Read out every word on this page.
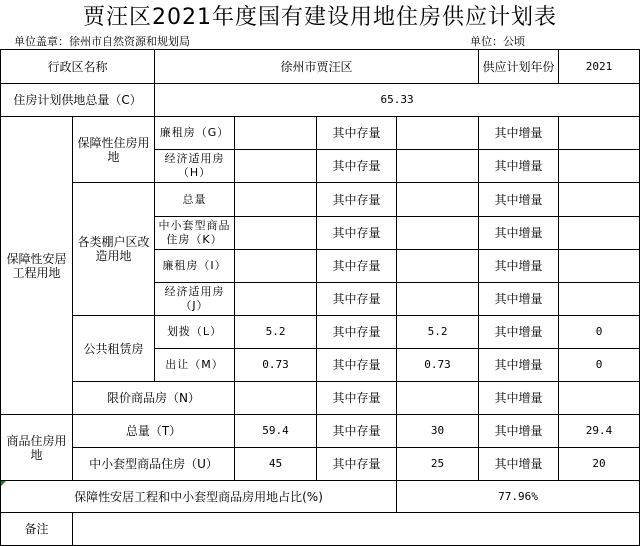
贾汪区2021年度国有建设用地住房供应计划表
单位盖章：徐州市自然资源和规划局	单位：公顷
行政区名称		徐州市贾汪区				供应计划年份	2021
住房计划供地总量（C）		65.33					
保障性安居工程用地	保障性住房用地	廉租房（G）		其中存量		其中增量	
		经济适用房（H）		其中存量		其中增量	
	各类棚户区改造用地	总量		其中存量		其中增量	
		中小套型商品住房（K）		其中存量		其中增量	
		廉租房（I）		其中存量		其中增量	
		经济适用房（J）		其中存量		其中增量	
	公共租赁房	划拨（L）	5.2	其中存量	5.2	其中增量	0
		出让（M）	0.73	其中存量	0.73	其中增量	0
	限价商品房（N）			其中存量		其中增量	
商品住房用地	总量（T）		59.4	其中存量	30	其中增量	29.4
	中小套型商品住房（U）		45	其中存量	25	其中增量	20
保障性安居工程和中小套型商品房用地占比(%)					77.96%		
备注							
